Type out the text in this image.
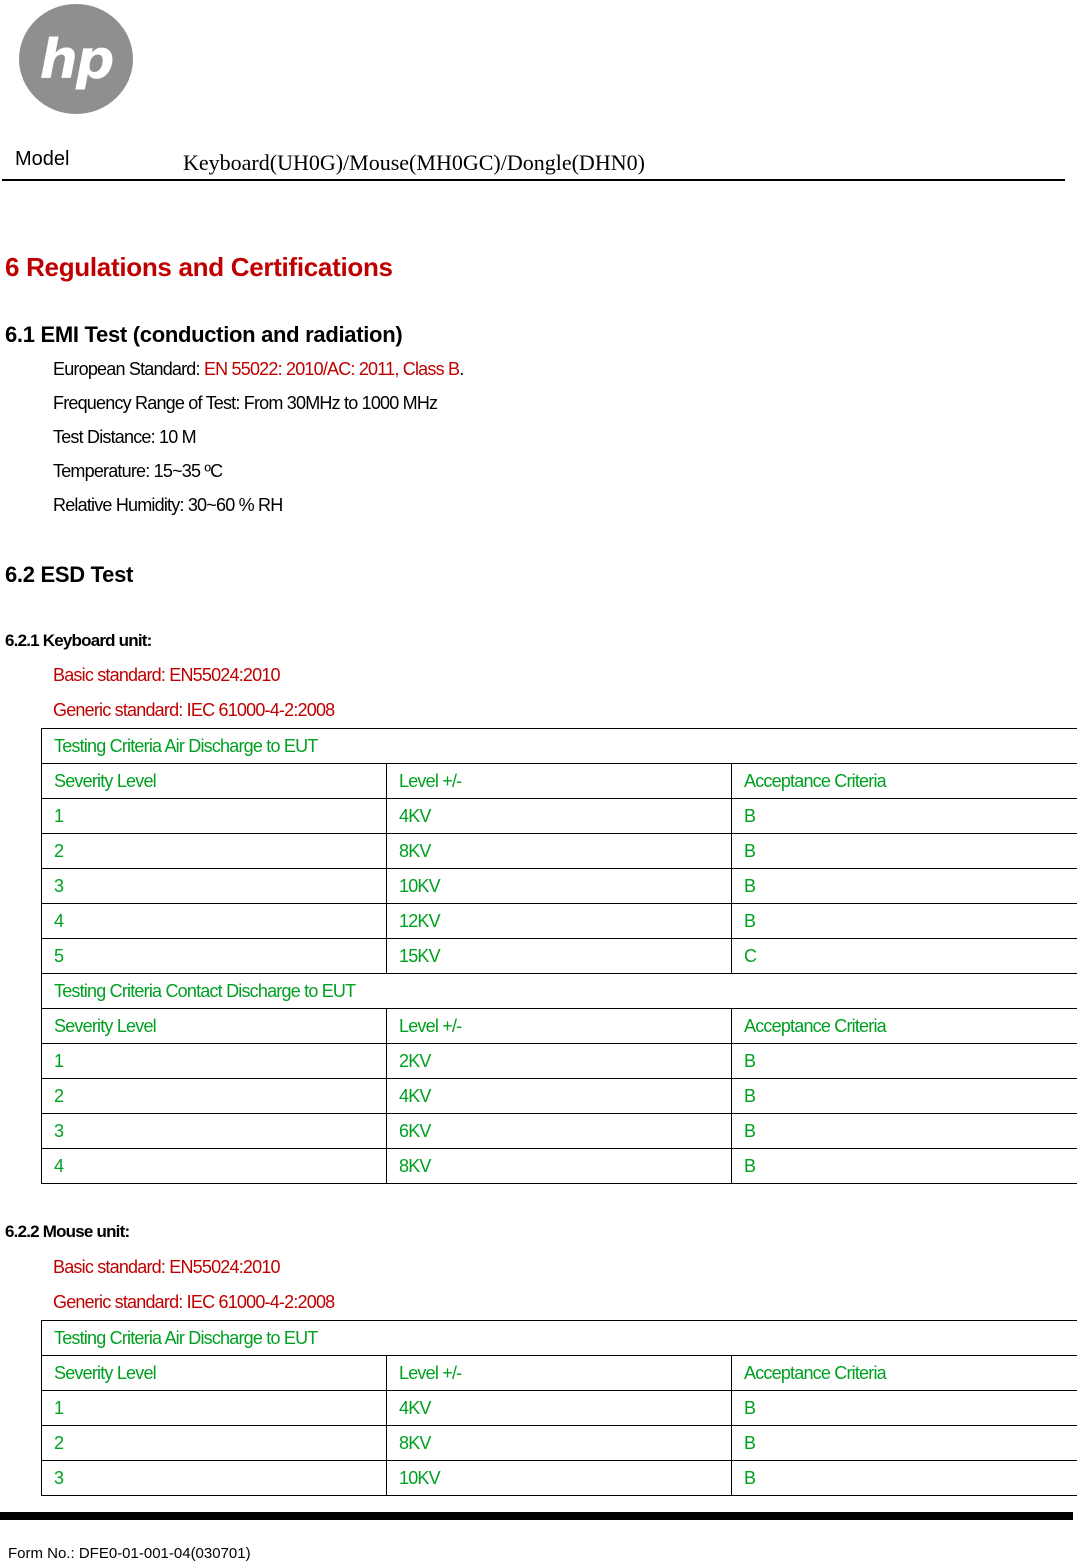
hp
Model	Keyboard(UH0G)/Mouse(MH0GC)/Dongle(DHN0)
6 Regulations and Certifications
6.1 EMI Test (conduction and radiation)
European Standard: EN 55022: 2010/AC: 2011, Class B.
Frequency Range of Test: From 30MHz to 1000 MHz
Test Distance: 10 M
Temperature: 15~35 ºC
Relative Humidity: 30~60 % RH
6.2 ESD Test
6.2.1 Keyboard unit:
Basic standard: EN55024:2010
Generic standard: IEC 61000-4-2:2008
Testing Criteria Air Discharge to EUT		
Severity Level	Level +/-	Acceptance Criteria
1	4KV	B
2	8KV	B
3	10KV	B
4	12KV	B
5	15KV	C
Testing Criteria Contact Discharge to EUT		
Severity Level	Level +/-	Acceptance Criteria
1	2KV	B
2	4KV	B
3	6KV	B
4	8KV	B
6.2.2 Mouse unit:
Basic standard: EN55024:2010
Generic standard: IEC 61000-4-2:2008
Testing Criteria Air Discharge to EUT		
Severity Level	Level +/-	Acceptance Criteria
1	4KV	B
2	8KV	B
3	10KV	B
Form No.: DFE0-01-001-04(030701)
